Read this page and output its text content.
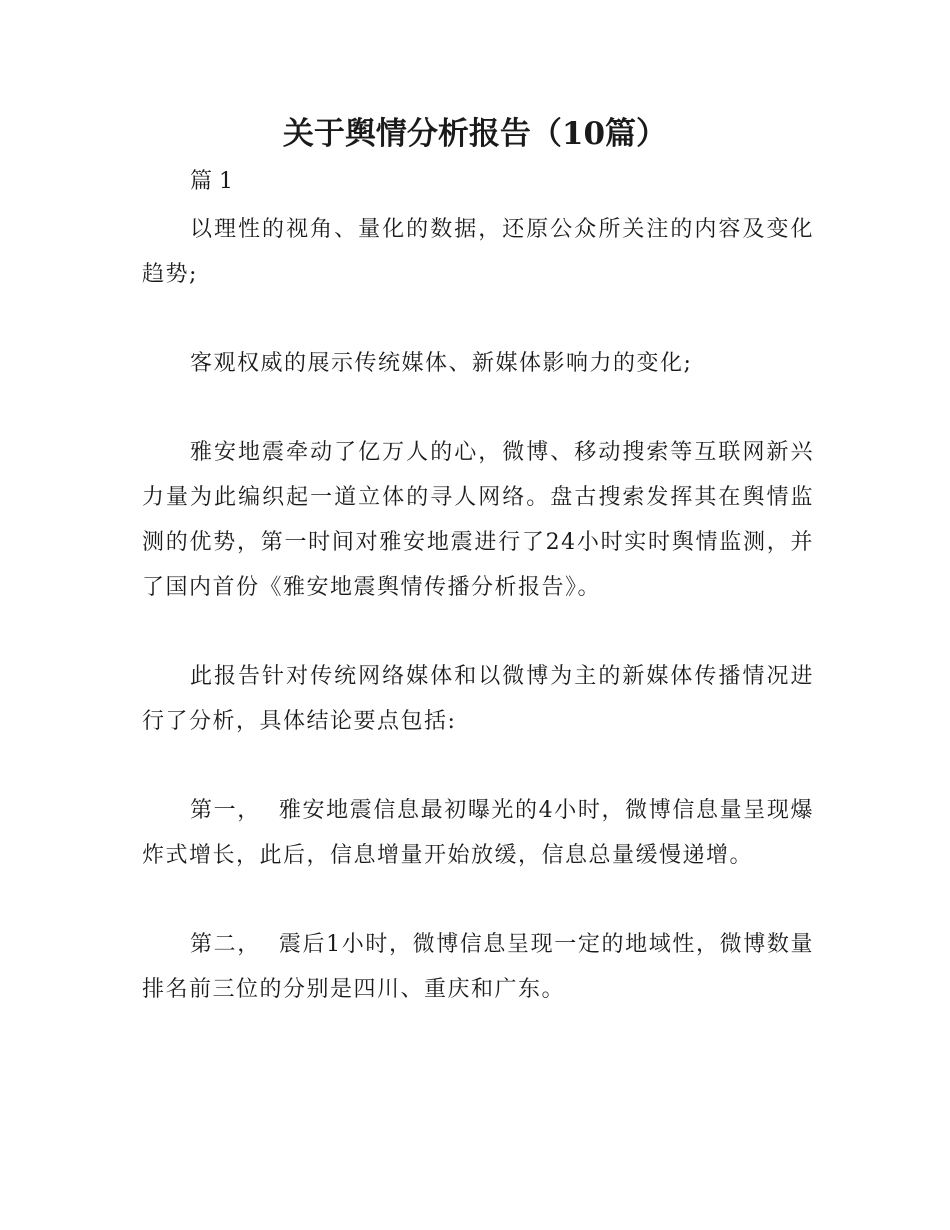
关于舆情分析报告（10篇）

篇 1

以理性的视角、量化的数据，还原公众所关注的内容及变化趋势;

客观权威的展示传统媒体、新媒体影响力的变化;

雅安地震牵动了亿万人的心，微博、移动搜索等互联网新兴力量为此编织起一道立体的寻人网络。盘古搜索发挥其在舆情监测的优势，第一时间对雅安地震进行了24小时实时舆情监测，并了国内首份《雅安地震舆情传播分析报告》。

此报告针对传统网络媒体和以微博为主的新媒体传播情况进行了分析，具体结论要点包括:

第一， 雅安地震信息最初曝光的4小时，微博信息量呈现爆炸式增长，此后，信息增量开始放缓，信息总量缓慢递增。

第二， 震后1小时，微博信息呈现一定的地域性，微博数量排名前三位的分别是四川、重庆和广东。
